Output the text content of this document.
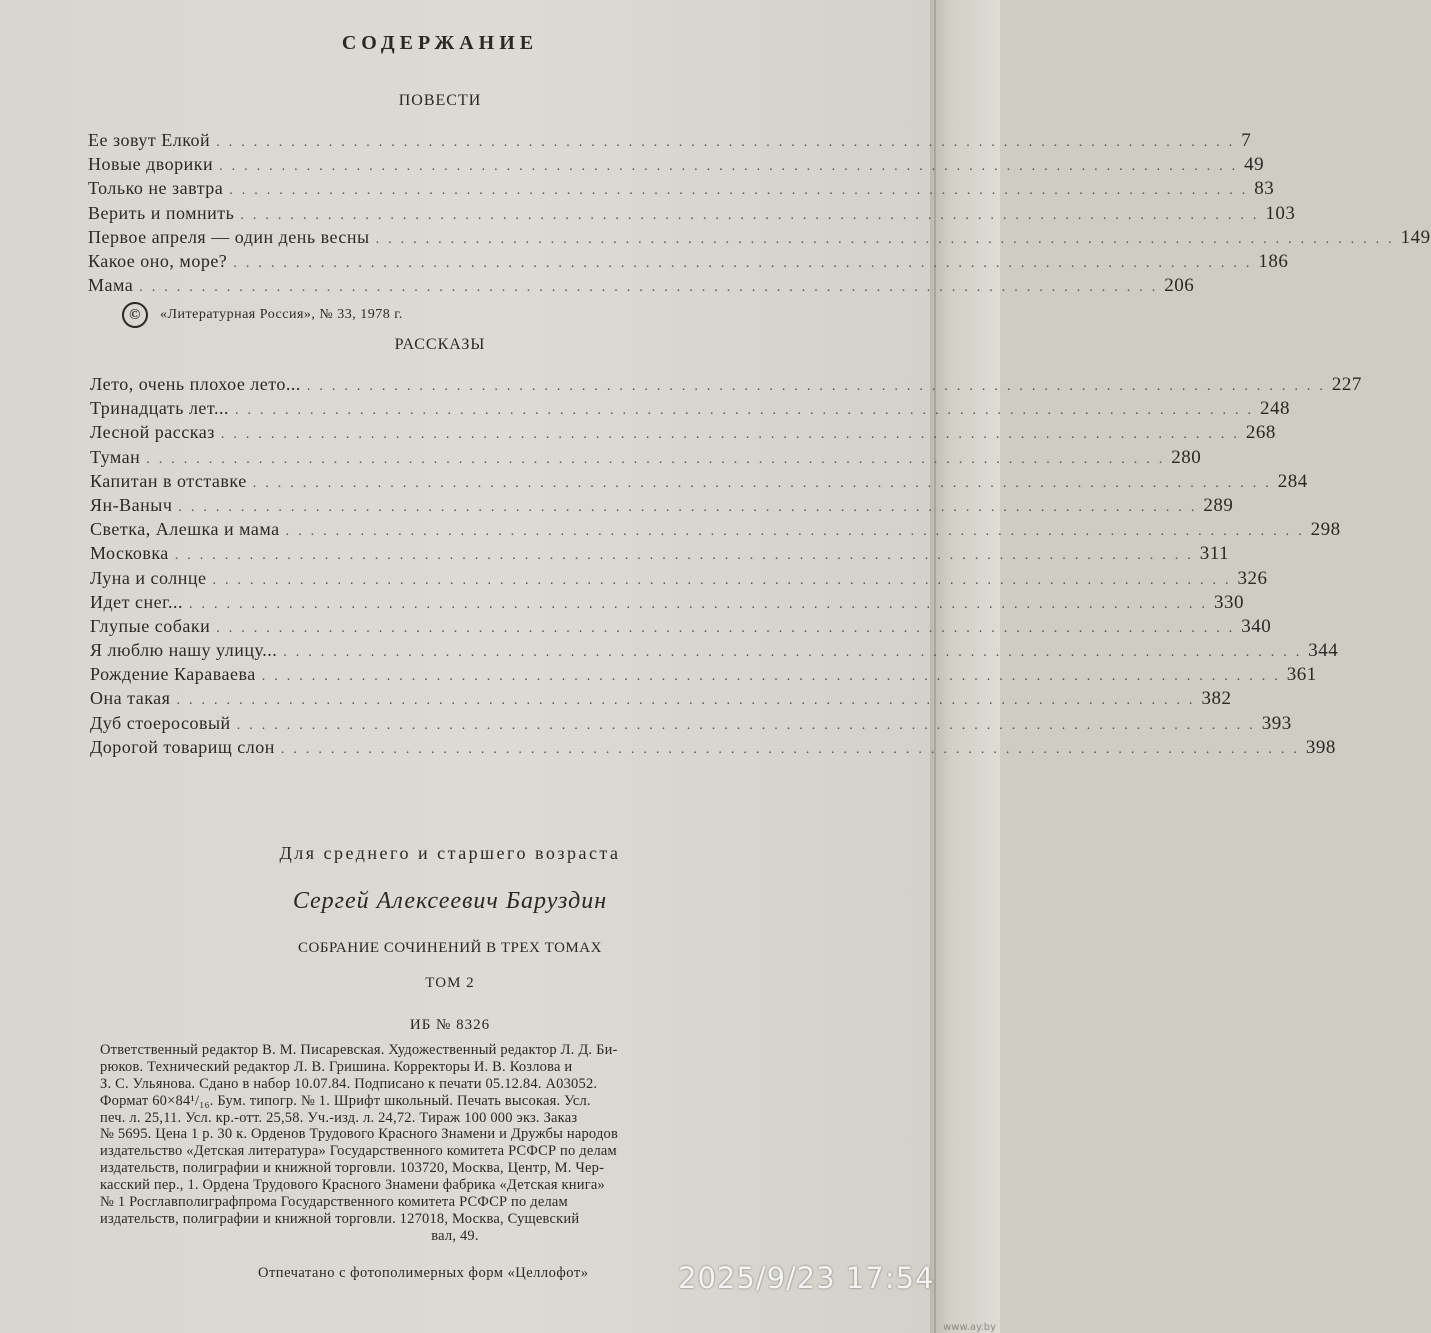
СОДЕРЖАНИЕ
ПОВЕСТИ
Ее зовут Елкой .................................................................................. 7
Новые дворики .................................................................................. 49
Только не завтра .................................................................................. 83
Верить и помнить .................................................................................. 103
Первое апреля — один день весны .................................................................................. 149
Какое оно, море? .................................................................................. 186
Мама .................................................................................. 206
©	«Литературная Россия», № 33, 1978 г.
РАССКАЗЫ
Лето, очень плохое лето... .................................................................................. 227
Тринадцать лет... .................................................................................. 248
Лесной рассказ .................................................................................. 268
Туман .................................................................................. 280
Капитан в отставке .................................................................................. 284
Ян-Ваныч .................................................................................. 289
Светка, Алешка и мама .................................................................................. 298
Московка .................................................................................. 311
Луна и солнце .................................................................................. 326
Идет снег... .................................................................................. 330
Глупые собаки .................................................................................. 340
Я люблю нашу улицу... .................................................................................. 344
Рождение Караваева .................................................................................. 361
Она такая .................................................................................. 382
Дуб стоеросовый .................................................................................. 393
Дорогой товарищ слон .................................................................................. 398
Для среднего и старшего возраста
Сергей Алексеевич Баруздин
СОБРАНИЕ СОЧИНЕНИЙ В ТРЕХ ТОМАХ
ТОМ 2
ИБ № 8326
Ответственный редактор В. М. Писаревская. Художественный редактор Л. Д. Би-
рюков. Технический редактор Л. В. Гришина. Корректоры И. В. Козлова и
З. С. Ульянова. Сдано в набор 10.07.84. Подписано к печати 05.12.84. А03052.
Формат 60×84¹/₁₆. Бум. типогр. № 1. Шрифт школьный. Печать высокая. Усл.
печ. л. 25,11. Усл. кр.-отт. 25,58. Уч.-изд. л. 24,72. Тираж 100 000 экз. Заказ
№ 5695. Цена 1 р. 30 к. Орденов Трудового Красного Знамени и Дружбы народов
издательство «Детская литература» Государственного комитета РСФСР по делам
издательств, полиграфии и книжной торговли. 103720, Москва, Центр, М. Чер-
касский пер., 1. Ордена Трудового Красного Знамени фабрика «Детская книга»
№ 1 Росглавполиграфпрома Государственного комитета РСФСР по делам
издательств, полиграфии и книжной торговли. 127018, Москва, Сущевский
вал, 49.
Отпечатано с фотополимерных форм «Целлофот»	2025/9/23 17:54
www.ay.by
